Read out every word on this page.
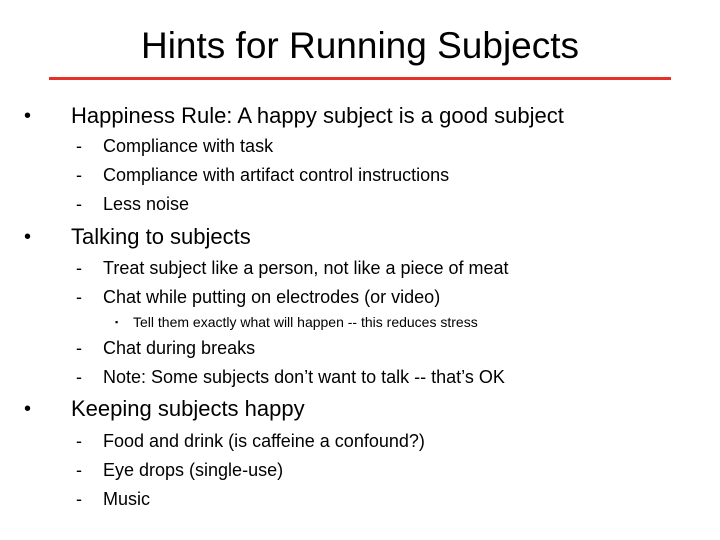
Hints for Running Subjects
• Happiness Rule: A happy subject is a good subject
- Compliance with task
- Compliance with artifact control instructions
- Less noise
• Talking to subjects
- Treat subject like a person, not like a piece of meat
- Chat while putting on electrodes (or video)
▪ Tell them exactly what will happen -- this reduces stress
- Chat during breaks
- Note: Some subjects don’t want to talk -- that’s OK
• Keeping subjects happy
- Food and drink (is caffeine a confound?)
- Eye drops (single-use)
- Music
